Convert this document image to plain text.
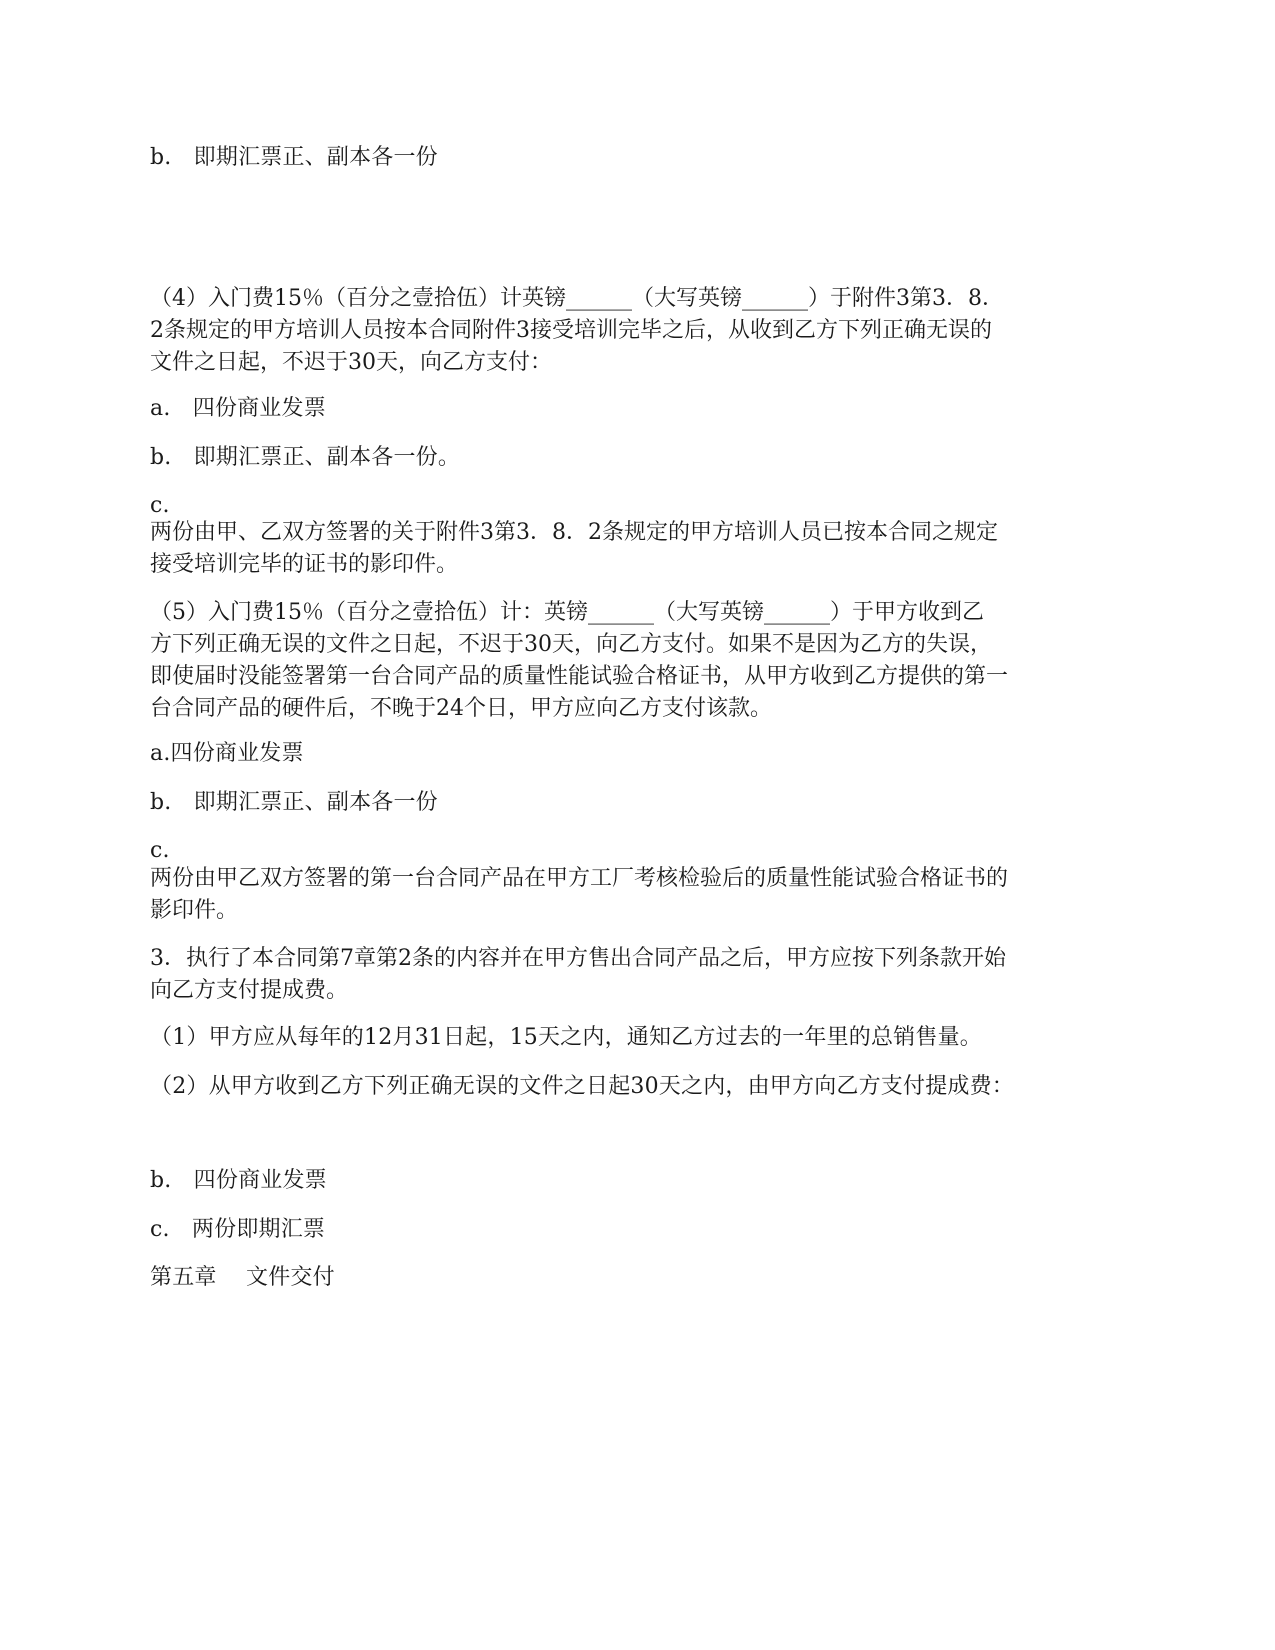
b.　即期汇票正、副本各一份
（4）入门费15％（百分之壹拾伍）计英镑______（大写英镑______）于附件3第3．8．
2条规定的甲方培训人员按本合同附件3接受培训完毕之后，从收到乙方下列正确无误的
文件之日起，不迟于30天，向乙方支付：
a.　四份商业发票
b.　即期汇票正、副本各一份。
c.
两份由甲、乙双方签署的关于附件3第3．8．2条规定的甲方培训人员已按本合同之规定
接受培训完毕的证书的影印件。
（5）入门费15％（百分之壹拾伍）计：英镑______（大写英镑______）于甲方收到乙
方下列正确无误的文件之日起，不迟于30天，向乙方支付。如果不是因为乙方的失误，
即使届时没能签署第一台合同产品的质量性能试验合格证书，从甲方收到乙方提供的第一
台合同产品的硬件后，不晚于24个日，甲方应向乙方支付该款。
a.四份商业发票
b.　即期汇票正、副本各一份
c.
两份由甲乙双方签署的第一台合同产品在甲方工厂考核检验后的质量性能试验合格证书的
影印件。
3．执行了本合同第7章第2条的内容并在甲方售出合同产品之后，甲方应按下列条款开始
向乙方支付提成费。
（1）甲方应从每年的12月31日起，15天之内，通知乙方过去的一年里的总销售量。
（2）从甲方收到乙方下列正确无误的文件之日起30天之内，由甲方向乙方支付提成费：
b.　四份商业发票
c.　两份即期汇票
第五章　 文件交付
